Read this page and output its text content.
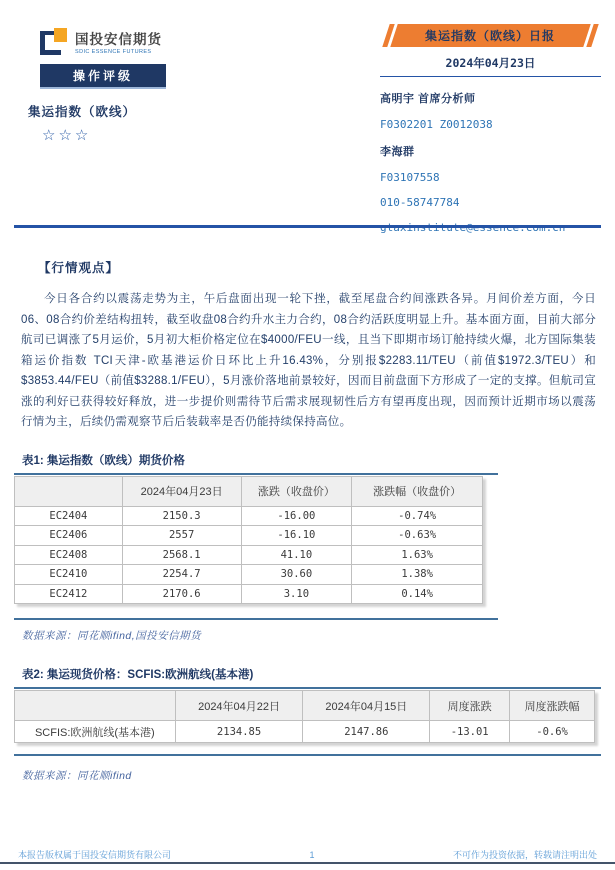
国投安信期货
SDIC ESSENCE FUTURES
操作评级
集运指数（欧线）
☆☆☆
集运指数（欧线）日报
2024年04月23日
高明宇 首席分析师
F0302201 Z0012038
李海群
F03107558
010-58747784
gtaxinstitute@essence.com.cn
【行情观点】
今日各合约以震荡走势为主，午后盘面出现一轮下挫，截至尾盘合约间涨跌各异。月间价差方面，今日06、08合约价差结构扭转，截至收盘08合约升水主力合约，08合约活跃度明显上升。基本面方面，目前大部分航司已调涨了5月运价，5月初大柜价格定位在$4000/FEU一线，且当下即期市场订舱持续火爆，北方国际集装箱运价指数 TCI天津-欧基港运价日环比上升16.43%，分别报$2283.11/TEU（前值$1972.3/TEU）和$3853.44/FEU（前值$3288.1/FEU），5月涨价落地前景较好，因而目前盘面下方形成了一定的支撑。但航司宣涨的利好已获得较好释放，进一步提价则需待节后需求展现韧性后方有望再度出现，因而预计近期市场以震荡行情为主，后续仍需观察节后后装载率是否仍能持续保持高位。
表1: 集运指数（欧线）期货价格
	2024年04月23日	涨跌（收盘价）	涨跌幅（收盘价）
EC2404	2150.3	-16.00	-0.74%
EC2406	2557	-16.10	-0.63%
EC2408	2568.1	41.10	1.63%
EC2410	2254.7	30.60	1.38%
EC2412	2170.6	3.10	0.14%
数据来源：同花顺ifind,国投安信期货
表2: 集运现货价格：SCFIS:欧洲航线(基本港)
	2024年04月22日	2024年04月15日	周度涨跌	周度涨跌幅
SCFIS:欧洲航线(基本港)	2134.85	2147.86	-13.01	-0.6%
数据来源：同花顺ifind
本报告版权属于国投安信期货有限公司	1	不可作为投资依据，转载请注明出处
